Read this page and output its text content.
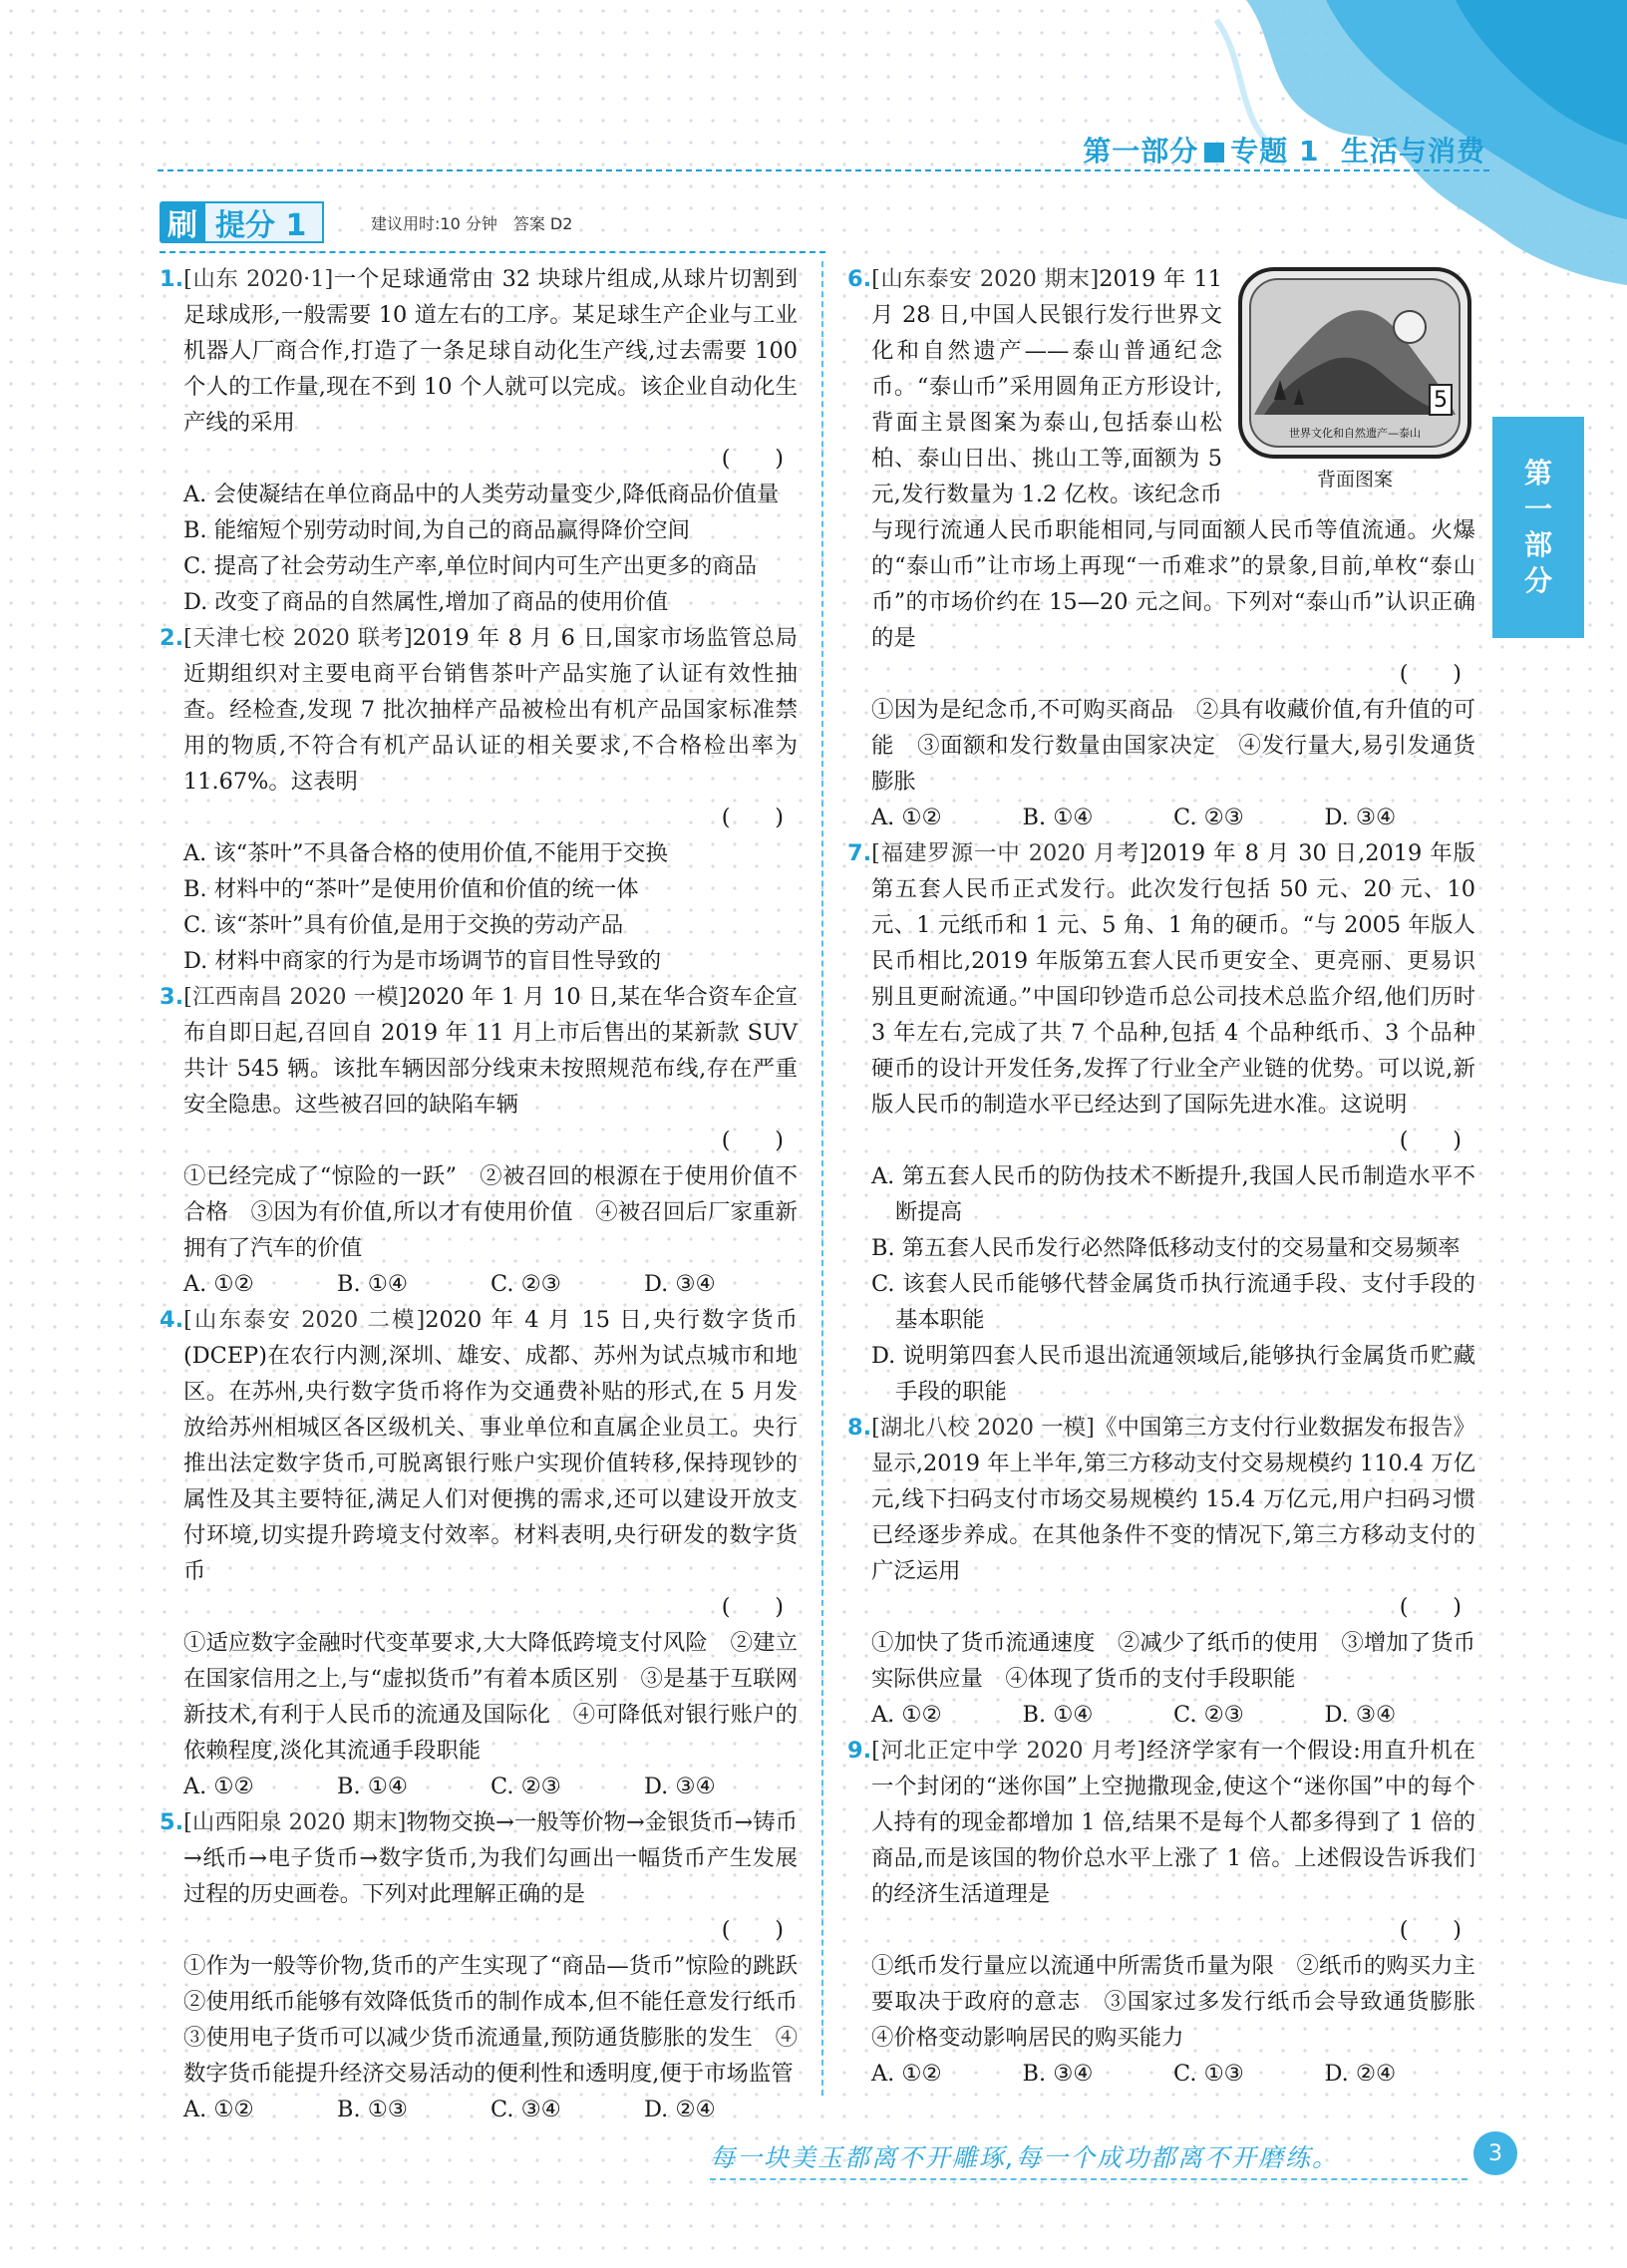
第一部分 专题 1 生活与消费
刷 提分 1	建议用时:10 分钟　答案 D2
第
一
部
分
1.[山东 2020·1]一个足球通常由 32 块球片组成,从球片切割到足球成形,一般需要 10 道左右的工序。某足球生产企业与工业机器人厂商合作,打造了一条足球自动化生产线,过去需要 100 个人的工作量,现在不到 10 个人就可以完成。该企业自动化生产线的采用
(　　)
A. 会使凝结在单位商品中的人类劳动量变少,降低商品价值量
B. 能缩短个别劳动时间,为自己的商品赢得降价空间
C. 提高了社会劳动生产率,单位时间内可生产出更多的商品
D. 改变了商品的自然属性,增加了商品的使用价值
2.[天津七校 2020 联考]2019 年 8 月 6 日,国家市场监管总局近期组织对主要电商平台销售茶叶产品实施了认证有效性抽查。经检查,发现 7 批次抽样产品被检出有机产品国家标准禁用的物质,不符合有机产品认证的相关要求,不合格检出率为 11.67%。这表明
(　　)
A. 该“茶叶”不具备合格的使用价值,不能用于交换
B. 材料中的“茶叶”是使用价值和价值的统一体
C. 该“茶叶”具有价值,是用于交换的劳动产品
D. 材料中商家的行为是市场调节的盲目性导致的
3.[江西南昌 2020 一模]2020 年 1 月 10 日,某在华合资车企宣布自即日起,召回自 2019 年 11 月上市后售出的某新款 SUV 共计 545 辆。该批车辆因部分线束未按照规范布线,存在严重安全隐患。这些被召回的缺陷车辆
(　　)
①已经完成了“惊险的一跃”　②被召回的根源在于使用价值不合格　③因为有价值,所以才有使用价值　④被召回后厂家重新拥有了汽车的价值
A. ①②	B. ①④	C. ②③	D. ③④
4.[山东泰安 2020 二模]2020 年 4 月 15 日,央行数字货币(DCEP)在农行内测,深圳、雄安、成都、苏州为试点城市和地区。在苏州,央行数字货币将作为交通费补贴的形式,在 5 月发放给苏州相城区各区级机关、事业单位和直属企业员工。央行推出法定数字货币,可脱离银行账户实现价值转移,保持现钞的属性及其主要特征,满足人们对便携的需求,还可以建设开放支付环境,切实提升跨境支付效率。材料表明,央行研发的数字货币
(　　)
①适应数字金融时代变革要求,大大降低跨境支付风险　②建立在国家信用之上,与“虚拟货币”有着本质区别　③是基于互联网新技术,有利于人民币的流通及国际化　④可降低对银行账户的依赖程度,淡化其流通手段职能
A. ①②	B. ①④	C. ②③	D. ③④
5.[山西阳泉 2020 期末]物物交换→一般等价物→金银货币→铸币→纸币→电子货币→数字货币,为我们勾画出一幅货币产生发展过程的历史画卷。下列对此理解正确的是
(　　)
①作为一般等价物,货币的产生实现了“商品—货币”惊险的跳跃　②使用纸币能够有效降低货币的制作成本,但不能任意发行纸币　③使用电子货币可以减少货币流通量,预防通货膨胀的发生　④数字货币能提升经济交易活动的便利性和透明度,便于市场监管
A. ①②	B. ①③	C. ③④	D. ②④
5
世界文化和自然遗产—泰山
背面图案
6.[山东泰安 2020 期末]2019 年 11 月 28 日,中国人民银行发行世界文化和自然遗产——泰山普通纪念币。“泰山币”采用圆角正方形设计,背面主景图案为泰山,包括泰山松柏、泰山日出、挑山工等,面额为 5 元,发行数量为 1.2 亿枚。该纪念币与现行流通人民币职能相同,与同面额人民币等值流通。火爆的“泰山币”让市场上再现“一币难求”的景象,目前,单枚“泰山币”的市场价约在 15—20 元之间。下列对“泰山币”认识正确的是
(　　)
①因为是纪念币,不可购买商品　②具有收藏价值,有升值的可能　③面额和发行数量由国家决定　④发行量大,易引发通货膨胀
A. ①②	B. ①④	C. ②③	D. ③④
7.[福建罗源一中 2020 月考]2019 年 8 月 30 日,2019 年版第五套人民币正式发行。此次发行包括 50 元、20 元、10 元、1 元纸币和 1 元、5 角、1 角的硬币。“与 2005 年版人民币相比,2019 年版第五套人民币更安全、更亮丽、更易识别且更耐流通。”中国印钞造币总公司技术总监介绍,他们历时 3 年左右,完成了共 7 个品种,包括 4 个品种纸币、3 个品种硬币的设计开发任务,发挥了行业全产业链的优势。可以说,新版人民币的制造水平已经达到了国际先进水准。这说明
(　　)
A. 第五套人民币的防伪技术不断提升,我国人民币制造水平不断提高
B. 第五套人民币发行必然降低移动支付的交易量和交易频率
C. 该套人民币能够代替金属货币执行流通手段、支付手段的基本职能
D. 说明第四套人民币退出流通领域后,能够执行金属货币贮藏手段的职能
8.[湖北八校 2020 一模]《中国第三方支付行业数据发布报告》显示,2019 年上半年,第三方移动支付交易规模约 110.4 万亿元,线下扫码支付市场交易规模约 15.4 万亿元,用户扫码习惯已经逐步养成。在其他条件不变的情况下,第三方移动支付的广泛运用
(　　)
①加快了货币流通速度　②减少了纸币的使用　③增加了货币实际供应量　④体现了货币的支付手段职能
A. ①②	B. ①④	C. ②③	D. ③④
9.[河北正定中学 2020 月考]经济学家有一个假设:用直升机在一个封闭的“迷你国”上空抛撒现金,使这个“迷你国”中的每个人持有的现金都增加 1 倍,结果不是每个人都多得到了 1 倍的商品,而是该国的物价总水平上涨了 1 倍。上述假设告诉我们的经济生活道理是
(　　)
①纸币发行量应以流通中所需货币量为限　②纸币的购买力主要取决于政府的意志　③国家过多发行纸币会导致通货膨胀　④价格变动影响居民的购买能力
A. ①②	B. ③④	C. ①③	D. ②④
每一块美玉都离不开雕琢,每一个成功都离不开磨练。	3
